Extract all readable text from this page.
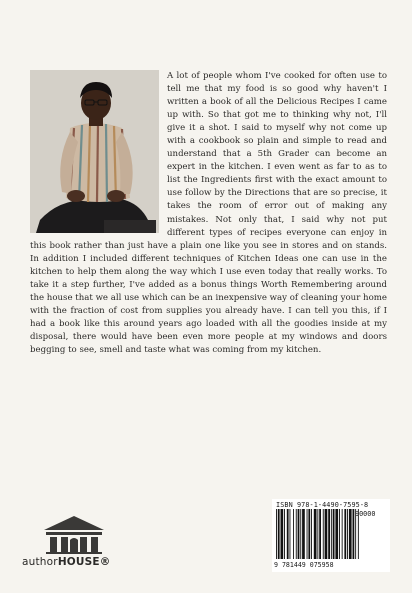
A lot of people whom I've cooked for often use to tell me that my food is so good why haven't I written a book of all the Delicious Recipes I came up with. So that got me to thinking why not, I'll give it a shot. I said to myself why not come up with a cookbook so plain and simple to read and understand that a 5th Grader can become an expert in the kitchen. I even went as far to as to list the Ingredients first with the exact amount to use follow by the Directions that are so precise, it takes the room of error out of making any mistakes. Not only that, I said why not put different types of recipes everyone can enjoy in this book rather than just have a plain one like you see in stores and on stands. In addition I included different techniques of Kitchen Ideas one can use in the kitchen to help them along the way which I use even today that really works. To take it a step further, I've added as a bonus things Worth Remembering around the house that we all use which can be an inexpensive way of cleaning your home with the fraction of cost from supplies you already have. I can tell you this, if I had a book like this around years ago loaded with all the goodies inside at my disposal, there would have been even more people at my windows and doors begging to see, smell and taste what was coming from my kitchen.

authorHOUSE®
ISBN 978-1-4490-7595-8
90000
9 781449 075958
